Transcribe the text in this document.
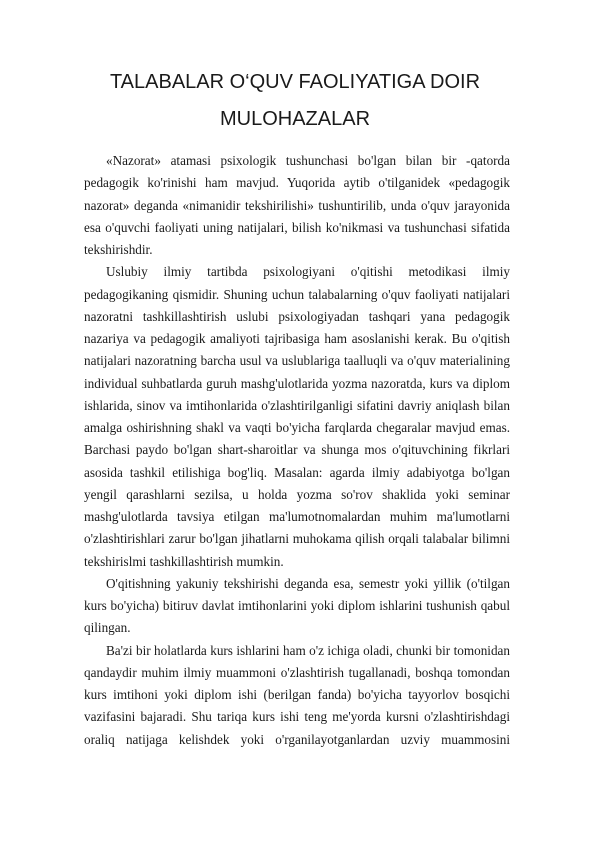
TALABALAR O‘QUV FAOLIYATIGA DOIR
MULOHAZALAR

«Nazorat» atamasi psixologik tushunchasi bo'lgan bilan bir -qatorda pedagogik ko'rinishi ham mavjud. Yuqorida aytib o'tilganidek «pedagogik nazorat» deganda «nimanidir tekshirilishi» tushuntirilib, unda o'quv jarayonida esa o'quvchi faoliyati uning natijalari, bilish ko'nikmasi va tushunchasi sifatida tekshirishdir.

Uslubiy ilmiy tartibda psixologiyani o'qitishi metodikasi ilmiy pedagogikaning qismidir. Shuning uchun talabalarning o'quv faoliyati natijalari nazoratni tashkillashtirish uslubi psixologiyadan tashqari yana pedagogik nazariya va pedagogik amaliyoti tajribasiga ham asoslanishi kerak. Bu o'qitish natijalari nazoratning barcha usul va uslublariga taalluqli va o'quv materialining individual suhbatlarda guruh mashg'ulotlarida yozma nazoratda, kurs va diplom ishlarida, sinov va imtihonlarida o'zlashtirilganligi sifatini davriy aniqlash bilan amalga oshirishning shakl va vaqti bo'yicha farqlarda chegaralar mavjud emas. Barchasi paydo bo'lgan shart-sharoitlar va shunga mos o'qituvchining fikrlari asosida tashkil etilishiga bog'liq. Masalan: agarda ilmiy adabiyotga bo'lgan yengil qarashlarni sezilsa, u holda yozma so'rov shaklida yoki seminar mashg'ulotlarda tavsiya etilgan ma'lumotnomalardan muhim ma'lumotlarni o'zlashtirishlari zarur bo'lgan jihatlarni muhokama qilish orqali talabalar bilimni tekshirislmi tashkillashtirish mumkin.

O'qitishning yakuniy tekshirishi deganda esa, semestr yoki yillik (o'tilgan kurs bo'yicha) bitiruv davlat imtihonlarini yoki diplom ishlarini tushunish qabul qilingan.

Ba'zi bir holatlarda kurs ishlarini ham o'z ichiga oladi, chunki bir tomonidan qandaydir muhim ilmiy muammoni o'zlashtirish tugallanadi, boshqa tomondan kurs imtihoni yoki diplom ishi (berilgan fanda) bo'yicha tayyorlov bosqichi vazifasini bajaradi. Shu tariqa kurs ishi teng me'yorda kursni o'zlashtirishdagi oraliq natijaga kelishdek yoki o'rganilayotganlardan uzviy muammosini
